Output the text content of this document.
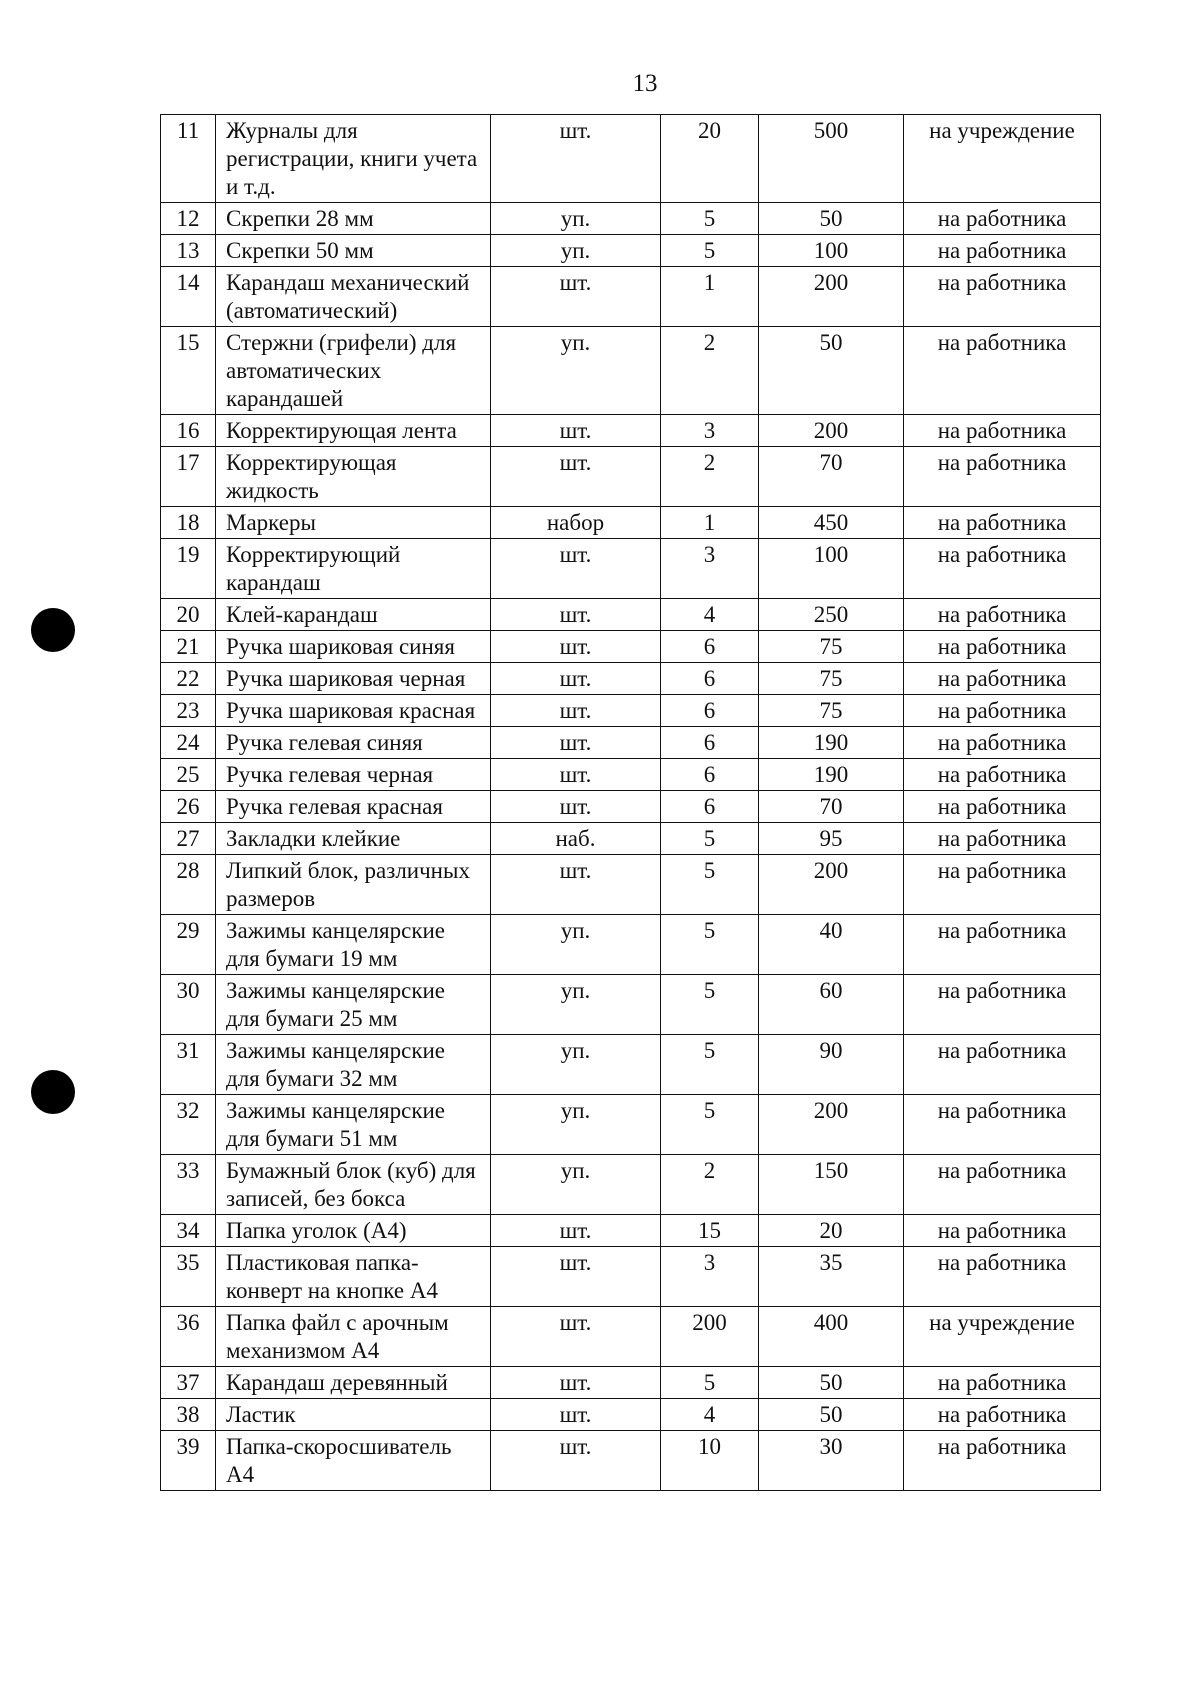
13
11	Журналы для регистрации, книги учета и т.д.	шт.	20	500	на учреждение
12	Скрепки 28 мм	уп.	5	50	на работника
13	Скрепки 50 мм	уп.	5	100	на работника
14	Карандаш механический (автоматический)	шт.	1	200	на работника
15	Стержни (грифели) для автоматических карандашей	уп.	2	50	на работника
16	Корректирующая лента	шт.	3	200	на работника
17	Корректирующая жидкость	шт.	2	70	на работника
18	Маркеры	набор	1	450	на работника
19	Корректирующий карандаш	шт.	3	100	на работника
20	Клей-карандаш	шт.	4	250	на работника
21	Ручка шариковая синяя	шт.	6	75	на работника
22	Ручка шариковая черная	шт.	6	75	на работника
23	Ручка шариковая красная	шт.	6	75	на работника
24	Ручка гелевая синяя	шт.	6	190	на работника
25	Ручка гелевая черная	шт.	6	190	на работника
26	Ручка гелевая красная	шт.	6	70	на работника
27	Закладки клейкие	наб.	5	95	на работника
28	Липкий блок, различных размеров	шт.	5	200	на работника
29	Зажимы канцелярские для бумаги 19 мм	уп.	5	40	на работника
30	Зажимы канцелярские для бумаги 25 мм	уп.	5	60	на работника
31	Зажимы канцелярские для бумаги 32 мм	уп.	5	90	на работника
32	Зажимы канцелярские для бумаги 51 мм	уп.	5	200	на работника
33	Бумажный блок (куб) для записей, без бокса	уп.	2	150	на работника
34	Папка уголок (А4)	шт.	15	20	на работника
35	Пластиковая папка-конверт на кнопке А4	шт.	3	35	на работника
36	Папка файл с арочным механизмом А4	шт.	200	400	на учреждение
37	Карандаш деревянный	шт.	5	50	на работника
38	Ластик	шт.	4	50	на работника
39	Папка-скоросшиватель А4	шт.	10	30	на работника
